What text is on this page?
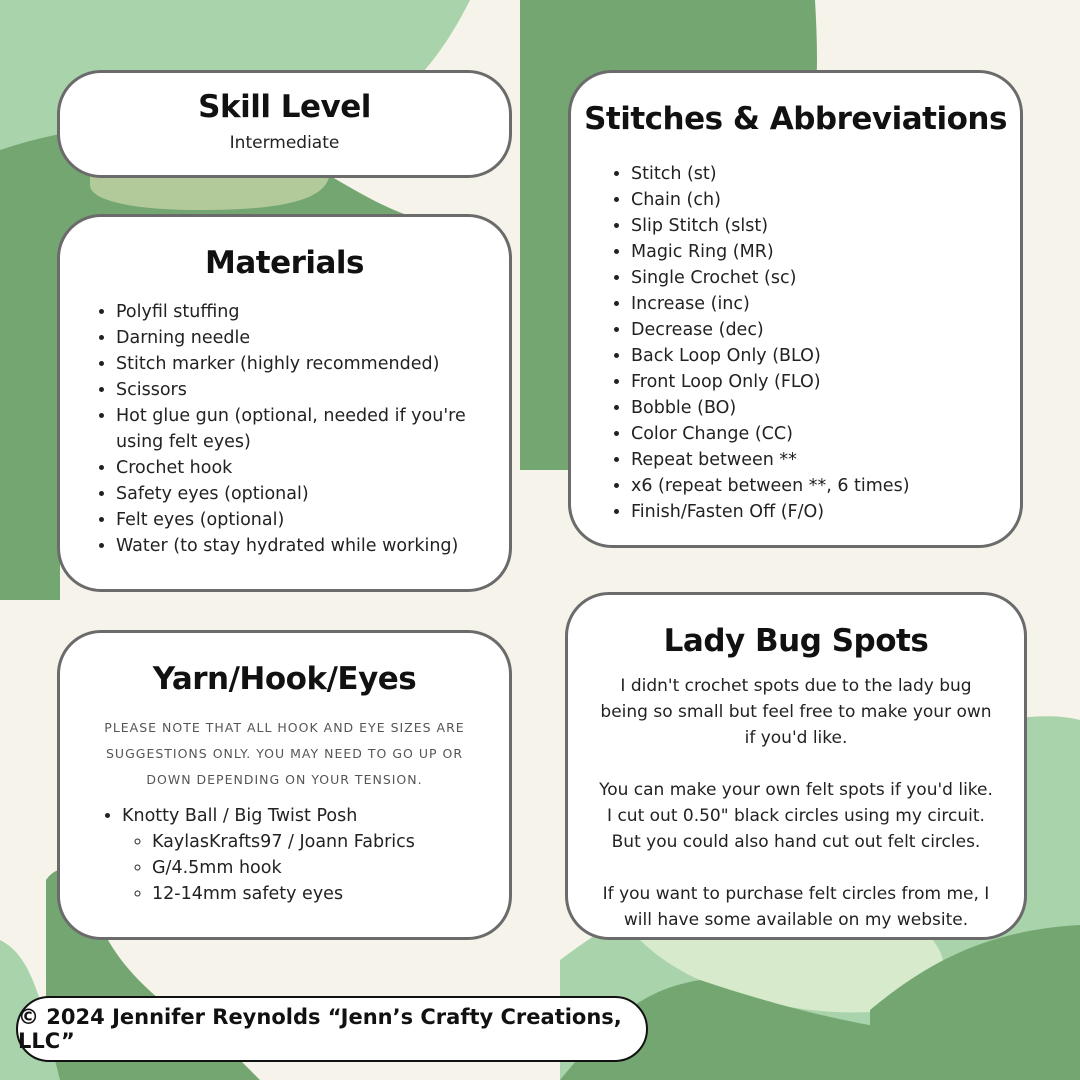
Skill Level
Intermediate
Materials
• Polyfil stuffing
• Darning needle
• Stitch marker (highly recommended)
• Scissors
• Hot glue gun (optional, needed if you're using felt eyes)
• Crochet hook
• Safety eyes (optional)
• Felt eyes (optional)
• Water (to stay hydrated while working)
Stitches & Abbreviations
• Stitch (st)
• Chain (ch)
• Slip Stitch (slst)
• Magic Ring (MR)
• Single Crochet (sc)
• Increase (inc)
• Decrease (dec)
• Back Loop Only (BLO)
• Front Loop Only (FLO)
• Bobble (BO)
• Color Change (CC)
• Repeat between **
• x6 (repeat between **, 6 times)
• Finish/Fasten Off (F/O)
Yarn/Hook/Eyes
PLEASE NOTE THAT ALL HOOK AND EYE SIZES ARE SUGGESTIONS ONLY. YOU MAY NEED TO GO UP OR DOWN DEPENDING ON YOUR TENSION.
• Knotty Ball / Big Twist Posh
◦ KaylasKrafts97 / Joann Fabrics
◦ G/4.5mm hook
◦ 12-14mm safety eyes
Lady Bug Spots

I didn't crochet spots due to the lady bug being so small but feel free to make your own if you'd like.

You can make your own felt spots if you'd like. I cut out 0.50" black circles using my circuit. But you could also hand cut out felt circles.

If you want to purchase felt circles from me, I will have some available on my website.

© 2024 Jennifer Reynolds “Jenn’s Crafty Creations, LLC”
